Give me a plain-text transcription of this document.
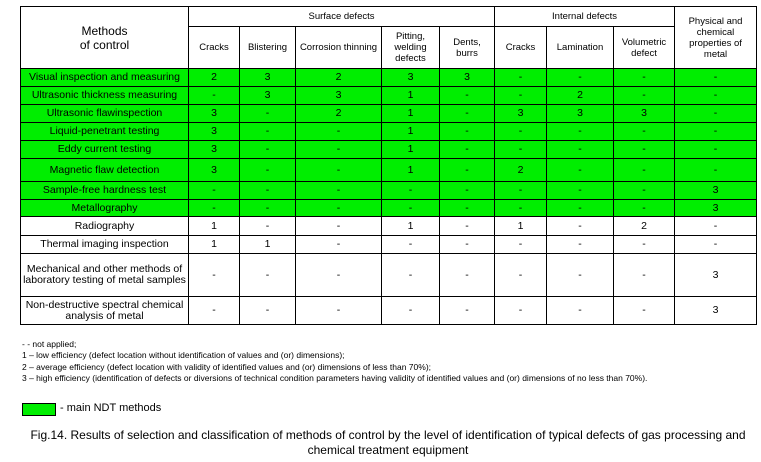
Methods
of control	Surface defects					Internal defects			Physical and chemical properties of metal
	Cracks	Blistering	Corrosion thinning	Pitting, welding defects	Dents, burrs	Cracks	Lamination	Volumetric defect	
Visual inspection and measuring	2	3	2	3	3	-	-	-	-
Ultrasonic thickness measuring	-	3	3	1	-	-	2	-	-
Ultrasonic flawinspection	3	-	2	1	-	3	3	3	-
Liquid-penetrant testing	3	-	-	1	-	-	-	-	-
Eddy current testing	3	-	-	1	-	-	-	-	-
Magnetic flaw detection	3	-	-	1	-	2	-	-	-
Sample-free hardness test	-	-	-	-	-	-	-	-	3
Metallography	-	-	-	-	-	-	-	-	3
Radiography	1	-	-	1	-	1	-	2	-
Thermal imaging inspection	1	1	-	-	-	-	-	-	-
Mechanical and other methods of laboratory testing of metal samples	-	-	-	-	-	-	-	-	3
Non-destructive spectral chemical analysis of metal	-	-	-	-	-	-	-	-	3
- - not applied;
1 – low efficiency (defect location without identification of values and (or) dimensions);
2 – average efficiency (defect location with validity of identified values and (or) dimensions of less than 70%);
3 – high efficiency (identification of defects or diversions of technical condition parameters having validity of identified values and (or) dimensions of no less than 70%).
- main NDT methods
Fig.14. Results of selection and classification of methods of control by the level of identification of typical defects of gas processing and chemical treatment equipment
